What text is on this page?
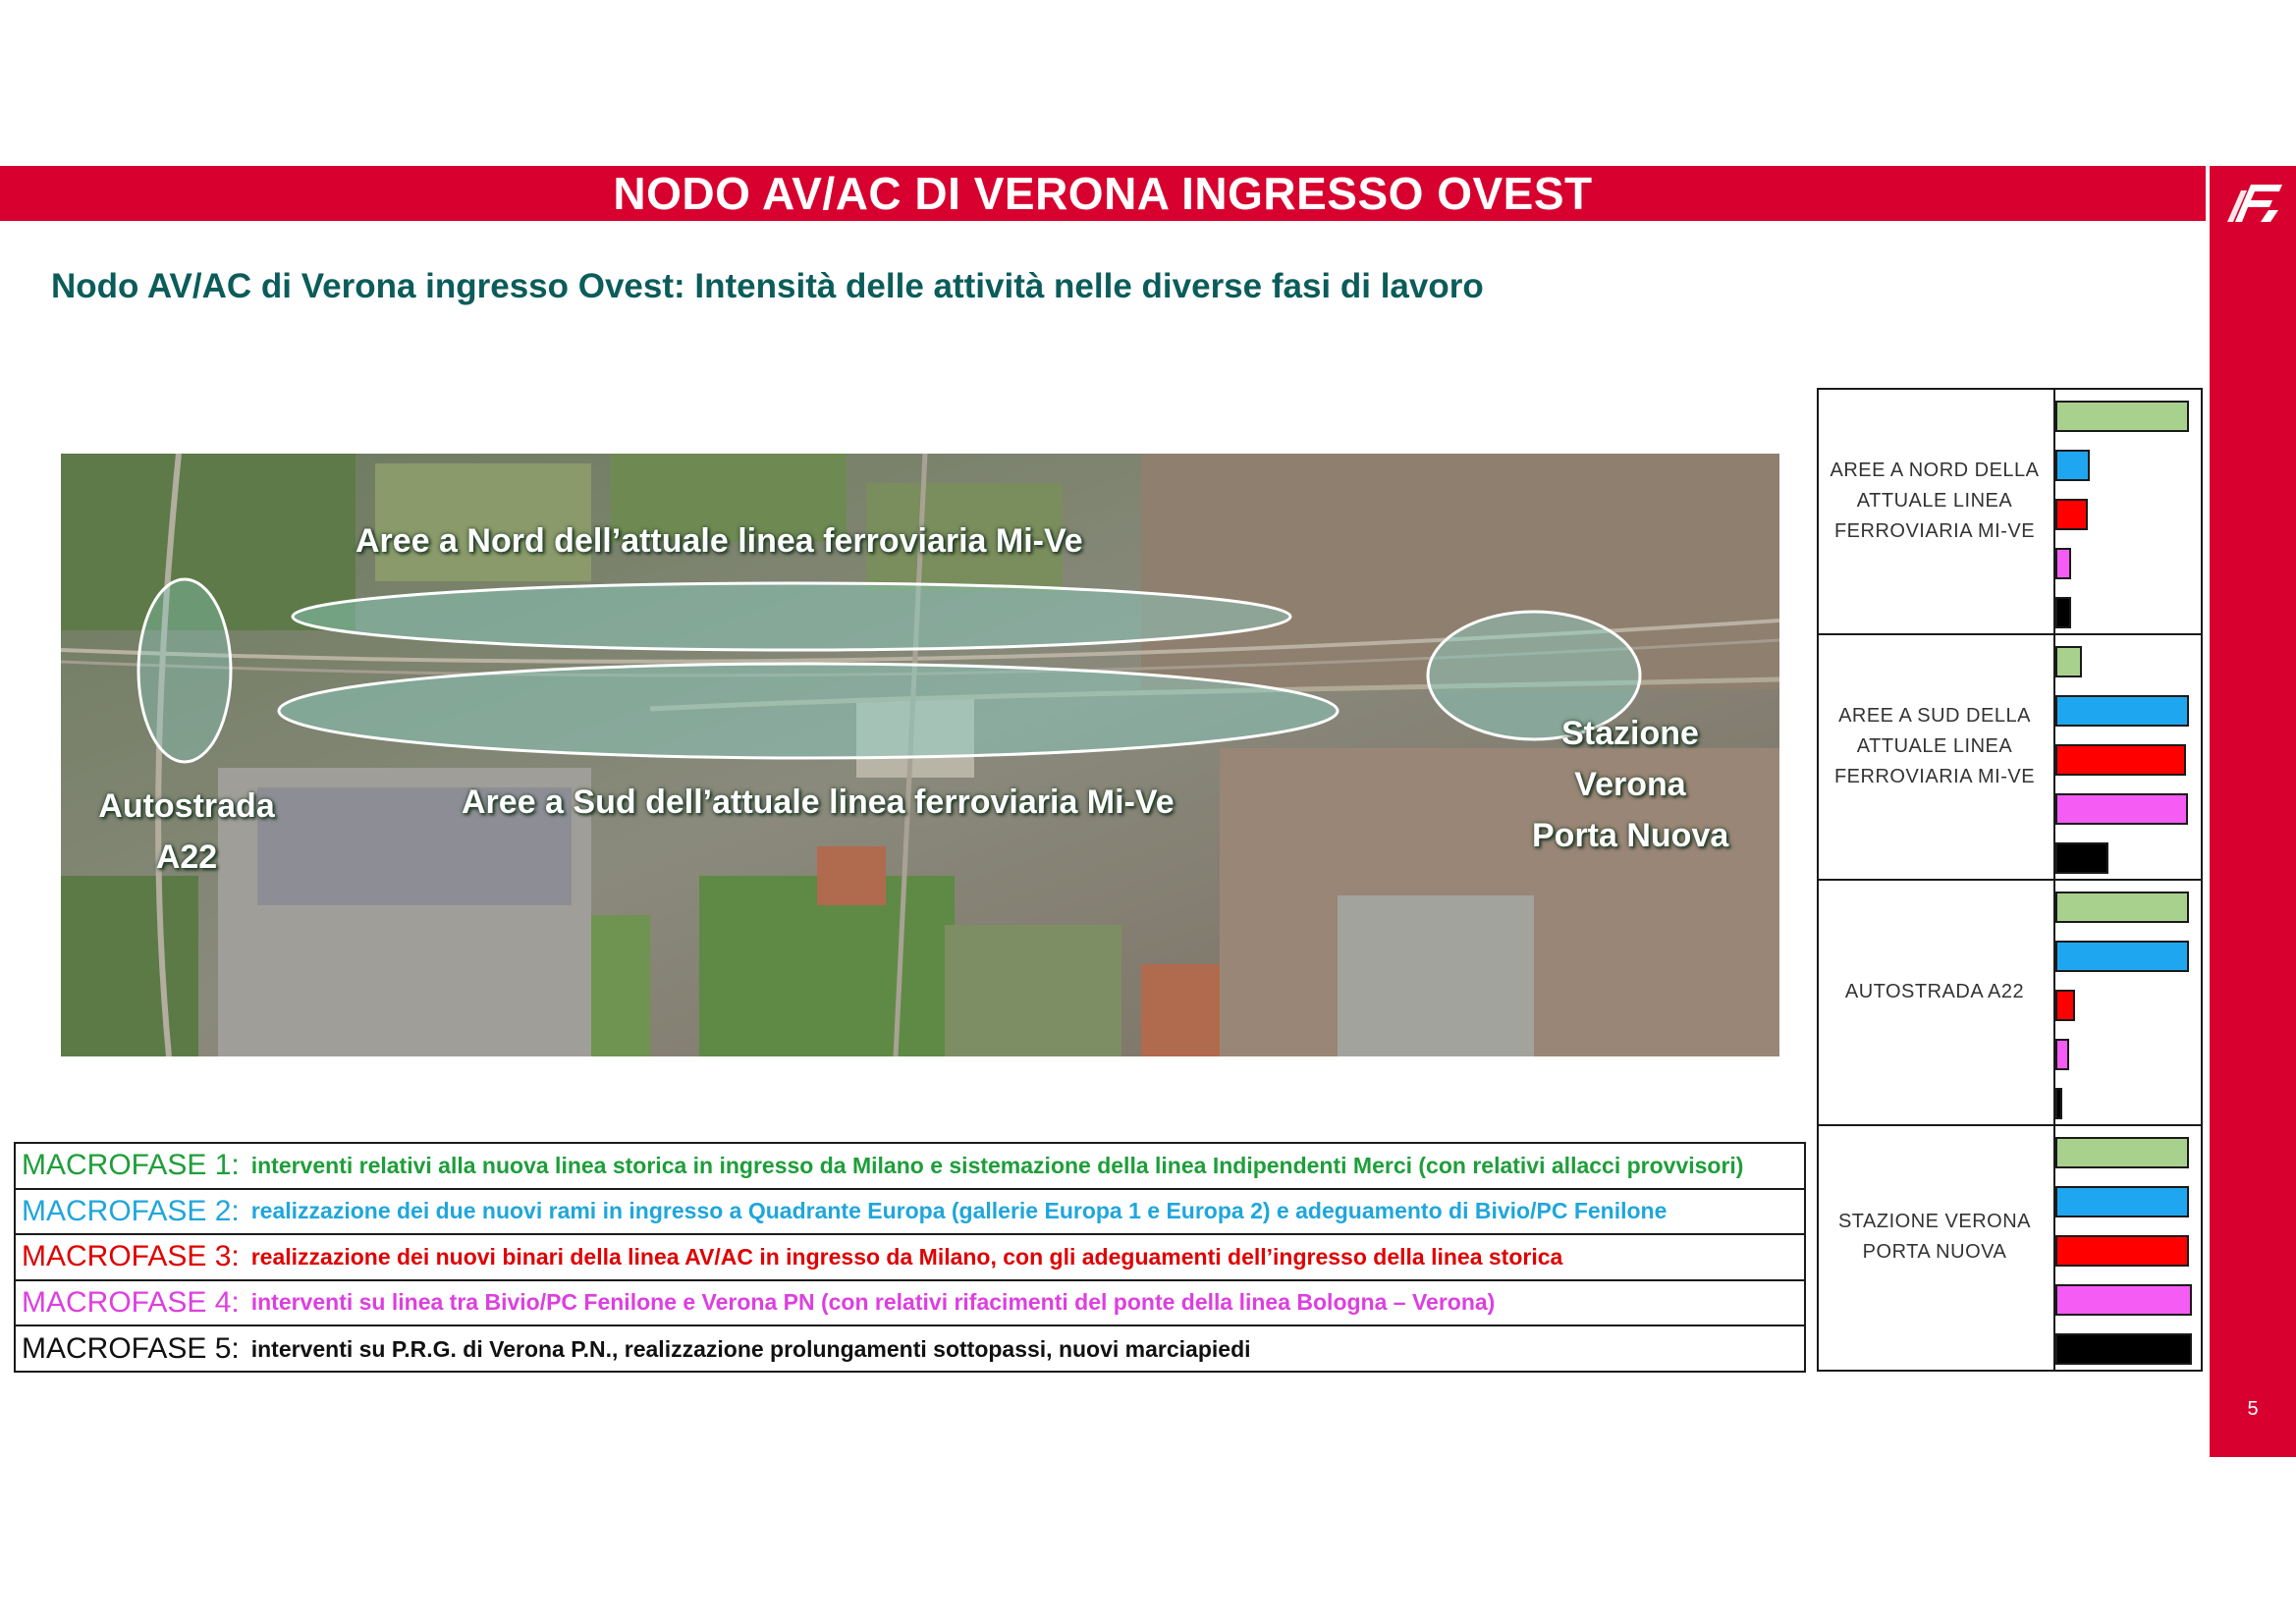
NODO AV/AC DI VERONA INGRESSO OVEST
5
Nodo AV/AC di Verona ingresso Ovest: Intensità delle attività nelle diverse fasi di lavoro
Aree a Nord dell’attuale linea ferroviaria Mi-Ve
Aree a Sud dell’attuale linea ferroviaria Mi-Ve
Autostrada
A22
Stazione
Verona
Porta Nuova
MACROFASE 1: interventi relativi alla nuova linea storica in ingresso da Milano e sistemazione della linea Indipendenti Merci (con relativi allacci provvisori)
MACROFASE 2: realizzazione dei due nuovi rami in ingresso a Quadrante Europa (gallerie Europa 1 e Europa 2) e adeguamento di Bivio/PC Fenilone
MACROFASE 3: realizzazione dei nuovi binari della linea AV/AC in ingresso da Milano, con gli adeguamenti dell’ingresso della linea storica
MACROFASE 4: interventi su linea tra Bivio/PC Fenilone e Verona PN (con relativi rifacimenti del ponte della linea Bologna – Verona)
MACROFASE 5: interventi su P.R.G. di Verona P.N., realizzazione prolungamenti sottopassi, nuovi marciapiedi
AREE A NORD DELLA
ATTUALE LINEA
FERROVIARIA MI-VE
AREE A SUD DELLA
ATTUALE LINEA
FERROVIARIA MI-VE
AUTOSTRADA A22
STAZIONE VERONA
PORTA NUOVA
